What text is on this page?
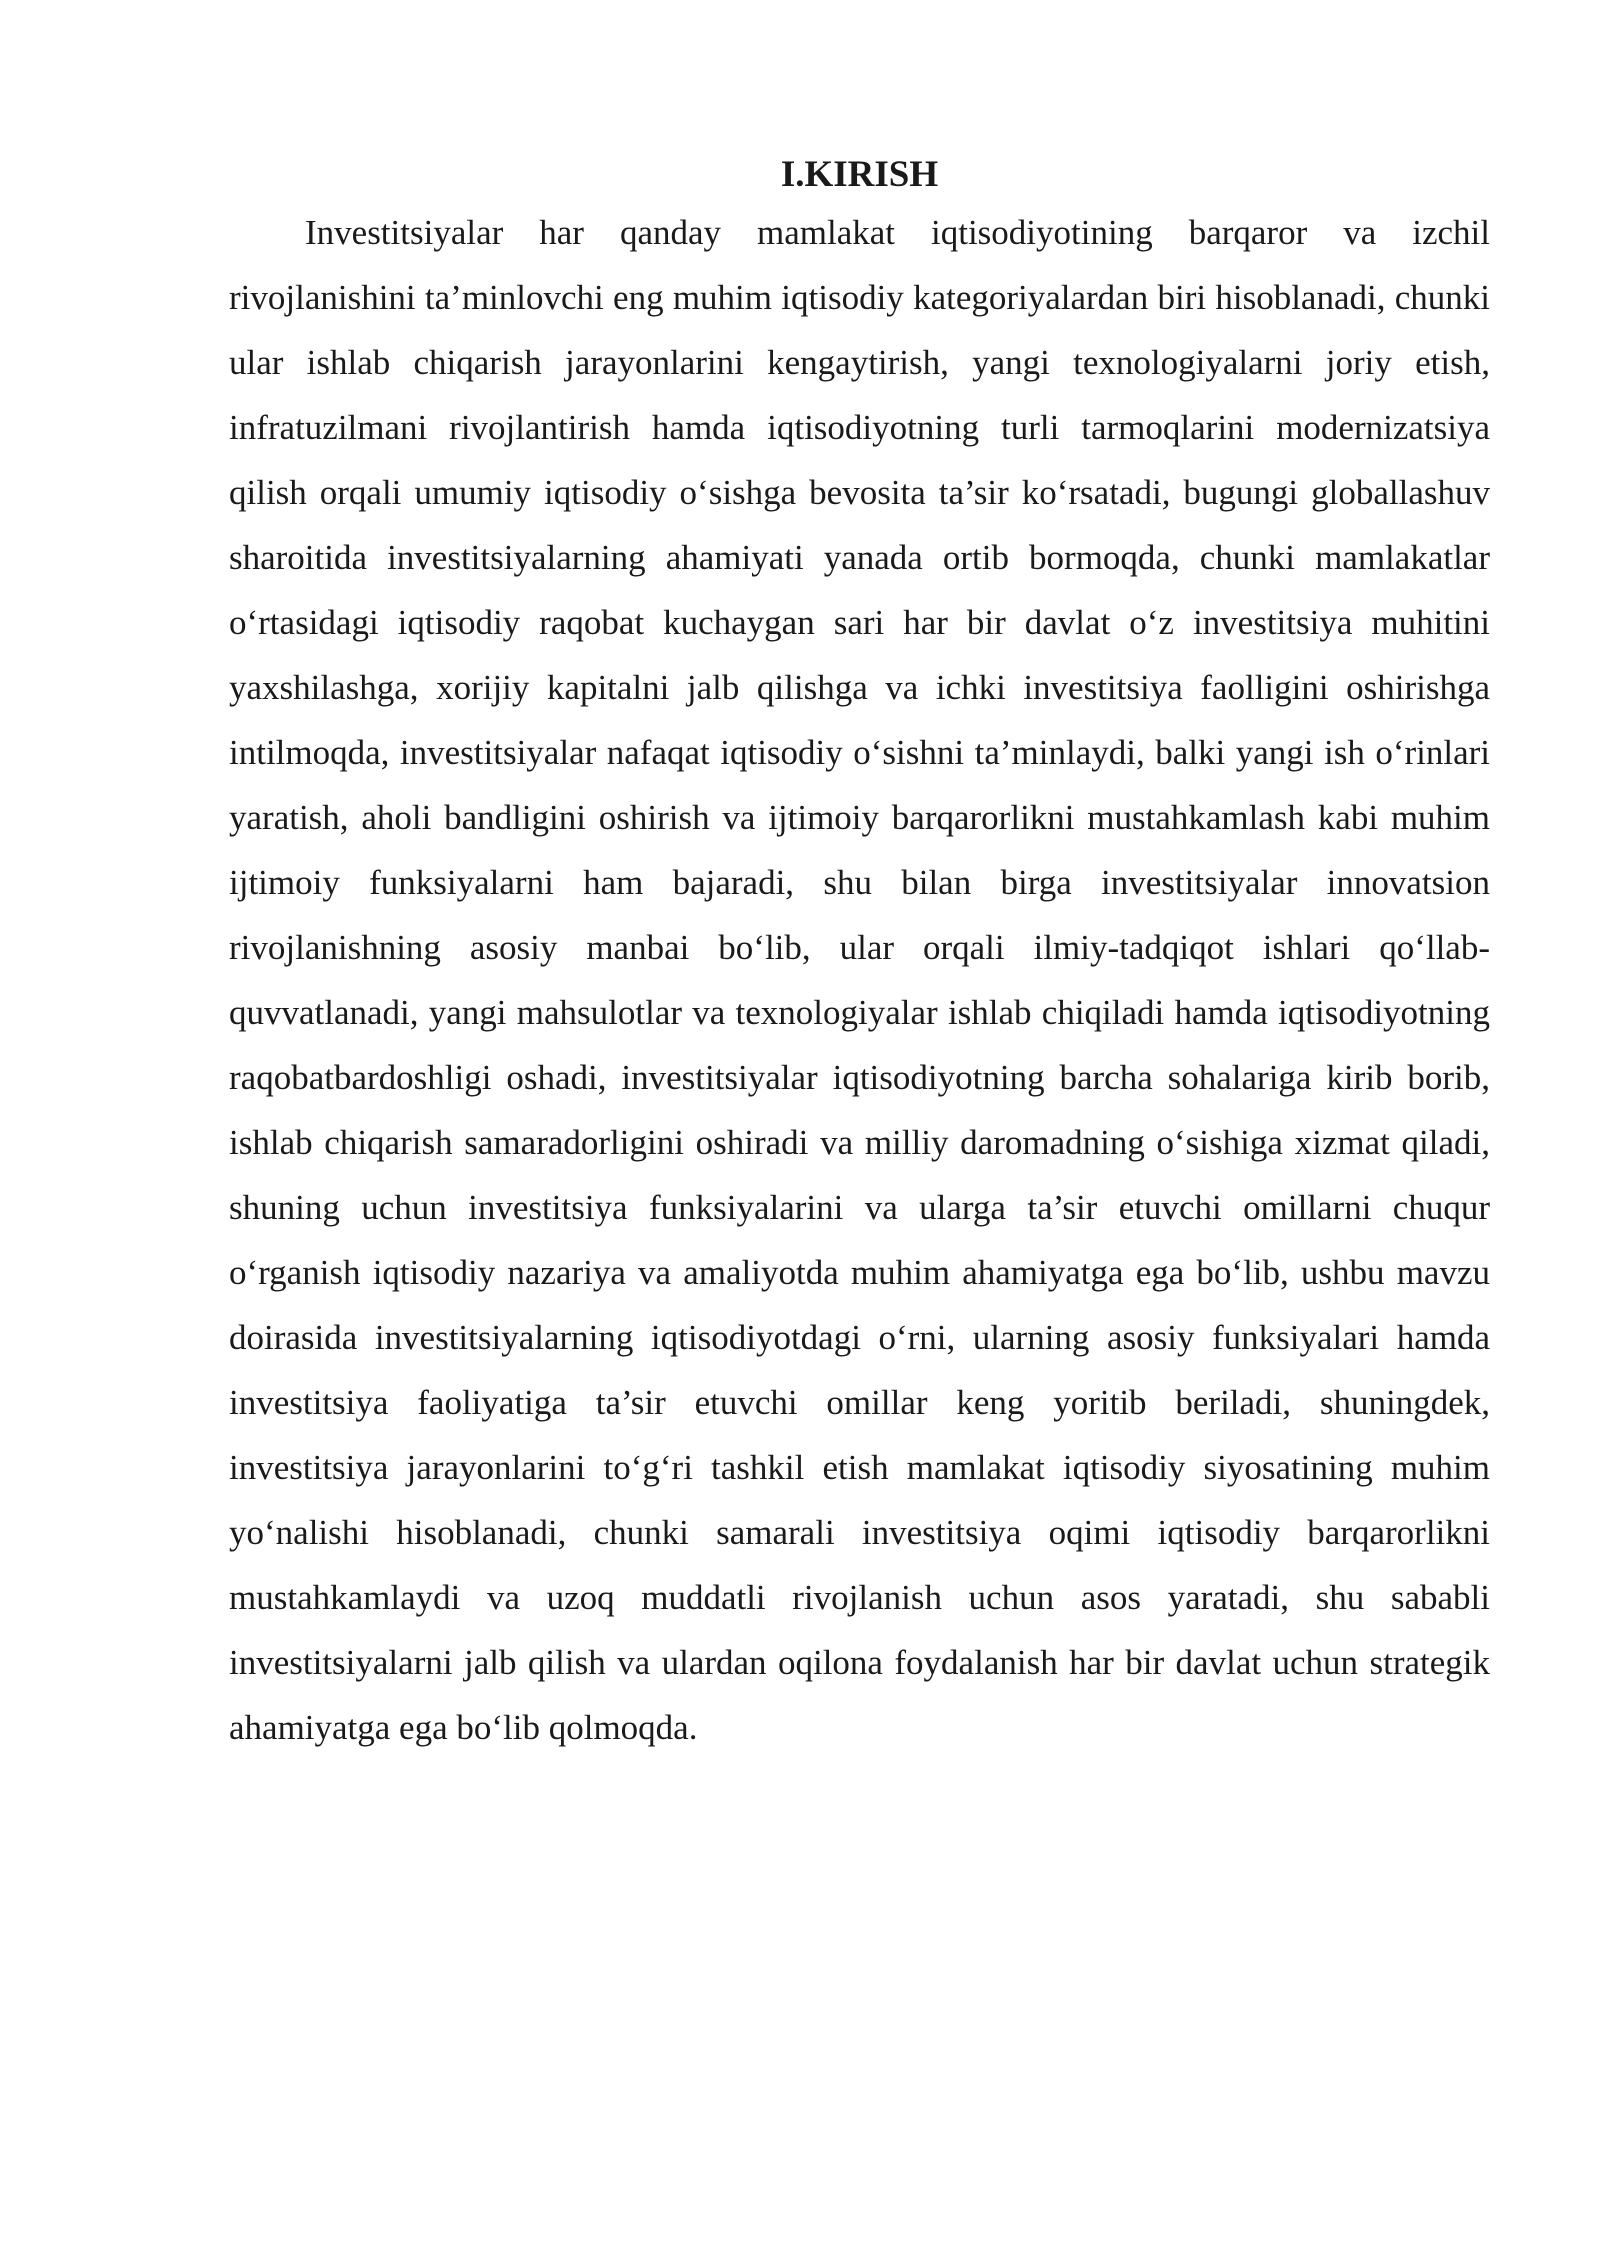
I.KIRISH

Investitsiyalar har qanday mamlakat iqtisodiyotining barqaror va izchil rivojlanishini ta’minlovchi eng muhim iqtisodiy kategoriyalardan biri hisoblanadi, chunki ular ishlab chiqarish jarayonlarini kengaytirish, yangi texnologiyalarni joriy etish, infratuzilmani rivojlantirish hamda iqtisodiyotning turli tarmoqlarini modernizatsiya qilish orqali umumiy iqtisodiy o‘sishga bevosita ta’sir ko‘rsatadi, bugungi globallashuv sharoitida investitsiyalarning ahamiyati yanada ortib bormoqda, chunki mamlakatlar o‘rtasidagi iqtisodiy raqobat kuchaygan sari har bir davlat o‘z investitsiya muhitini yaxshilashga, xorijiy kapitalni jalb qilishga va ichki investitsiya faolligini oshirishga intilmoqda, investitsiyalar nafaqat iqtisodiy o‘sishni ta’minlaydi, balki yangi ish o‘rinlari yaratish, aholi bandligini oshirish va ijtimoiy barqarorlikni mustahkamlash kabi muhim ijtimoiy funksiyalarni ham bajaradi, shu bilan birga investitsiyalar innovatsion rivojlanishning asosiy manbai bo‘lib, ular orqali ilmiy-tadqiqot ishlari qo‘llab-quvvatlanadi, yangi mahsulotlar va texnologiyalar ishlab chiqiladi hamda iqtisodiyotning raqobatbardoshligi oshadi, investitsiyalar iqtisodiyotning barcha sohalariga kirib borib, ishlab chiqarish samaradorligini oshiradi va milliy daromadning o‘sishiga xizmat qiladi, shuning uchun investitsiya funksiyalarini va ularga ta’sir etuvchi omillarni chuqur o‘rganish iqtisodiy nazariya va amaliyotda muhim ahamiyatga ega bo‘lib, ushbu mavzu doirasida investitsiyalarning iqtisodiyotdagi o‘rni, ularning asosiy funksiyalari hamda investitsiya faoliyatiga ta’sir etuvchi omillar keng yoritib beriladi, shuningdek, investitsiya jarayonlarini to‘g‘ri tashkil etish mamlakat iqtisodiy siyosatining muhim yo‘nalishi hisoblanadi, chunki samarali investitsiya oqimi iqtisodiy barqarorlikni mustahkamlaydi va uzoq muddatli rivojlanish uchun asos yaratadi, shu sababli investitsiyalarni jalb qilish va ulardan oqilona foydalanish har bir davlat uchun strategik ahamiyatga ega bo‘lib qolmoqda.
